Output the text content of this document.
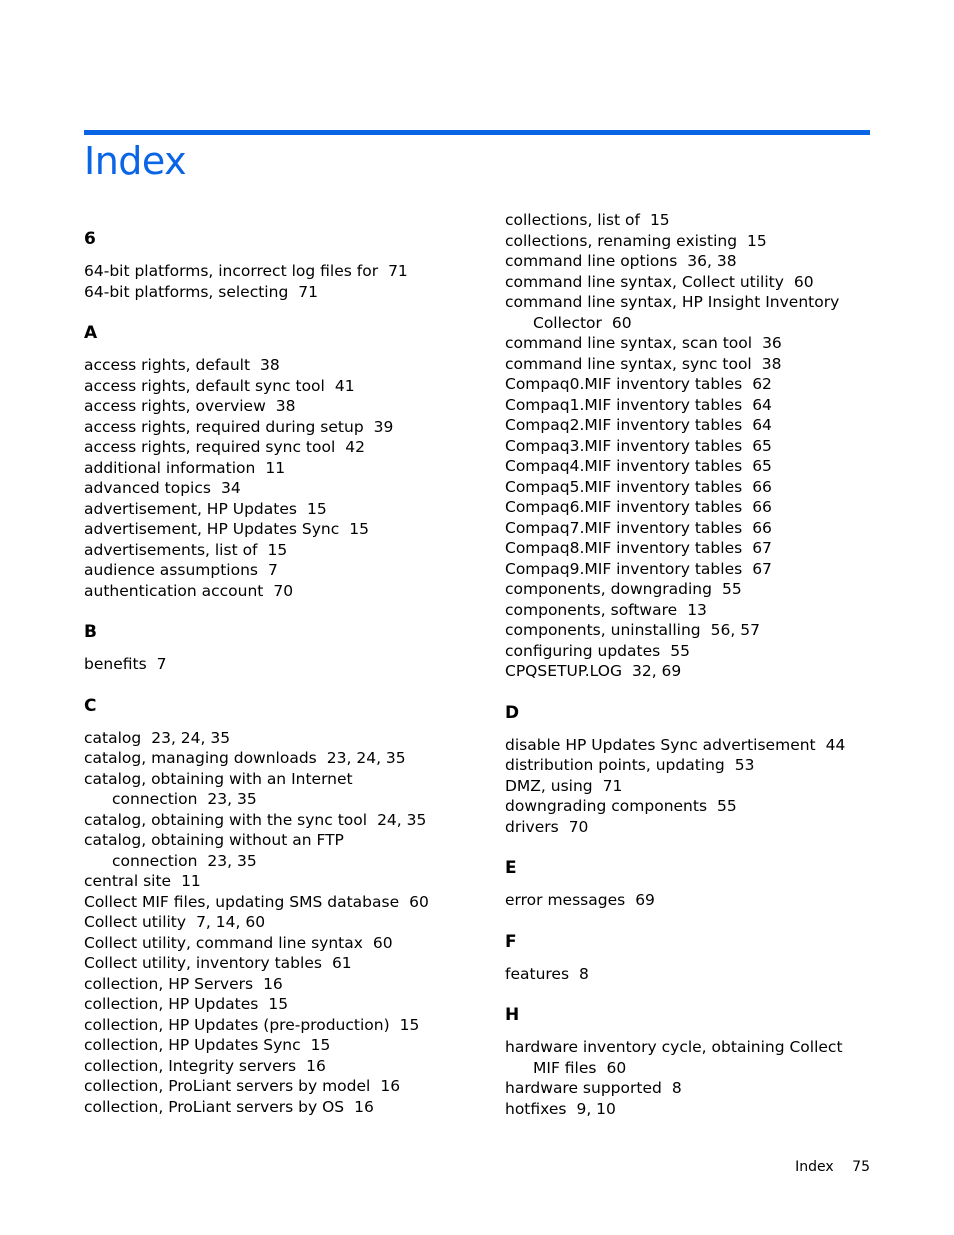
Index
6
64-bit platforms, incorrect log files for 71
64-bit platforms, selecting 71
A
access rights, default 38
access rights, default sync tool 41
access rights, overview 38
access rights, required during setup 39
access rights, required sync tool 42
additional information 11
advanced topics 34
advertisement, HP Updates 15
advertisement, HP Updates Sync 15
advertisements, list of 15
audience assumptions 7
authentication account 70
B
benefits 7
C
catalog 23, 24, 35
catalog, managing downloads 23, 24, 35
catalog, obtaining with an Internet connection 23, 35
catalog, obtaining with the sync tool 24, 35
catalog, obtaining without an FTP connection 23, 35
central site 11
Collect MIF files, updating SMS database 60
Collect utility 7, 14, 60
Collect utility, command line syntax 60
Collect utility, inventory tables 61
collection, HP Servers 16
collection, HP Updates 15
collection, HP Updates (pre-production) 15
collection, HP Updates Sync 15
collection, Integrity servers 16
collection, ProLiant servers by model 16
collection, ProLiant servers by OS 16
collections, list of 15
collections, renaming existing 15
command line options 36, 38
command line syntax, Collect utility 60
command line syntax, HP Insight Inventory Collector 60
command line syntax, scan tool 36
command line syntax, sync tool 38
Compaq0.MIF inventory tables 62
Compaq1.MIF inventory tables 64
Compaq2.MIF inventory tables 64
Compaq3.MIF inventory tables 65
Compaq4.MIF inventory tables 65
Compaq5.MIF inventory tables 66
Compaq6.MIF inventory tables 66
Compaq7.MIF inventory tables 66
Compaq8.MIF inventory tables 67
Compaq9.MIF inventory tables 67
components, downgrading 55
components, software 13
components, uninstalling 56, 57
configuring updates 55
CPQSETUP.LOG 32, 69
D
disable HP Updates Sync advertisement 44
distribution points, updating 53
DMZ, using 71
downgrading components 55
drivers 70
E
error messages 69
F
features 8
H
hardware inventory cycle, obtaining Collect MIF files 60
hardware supported 8
hotfixes 9, 10
Index 75
